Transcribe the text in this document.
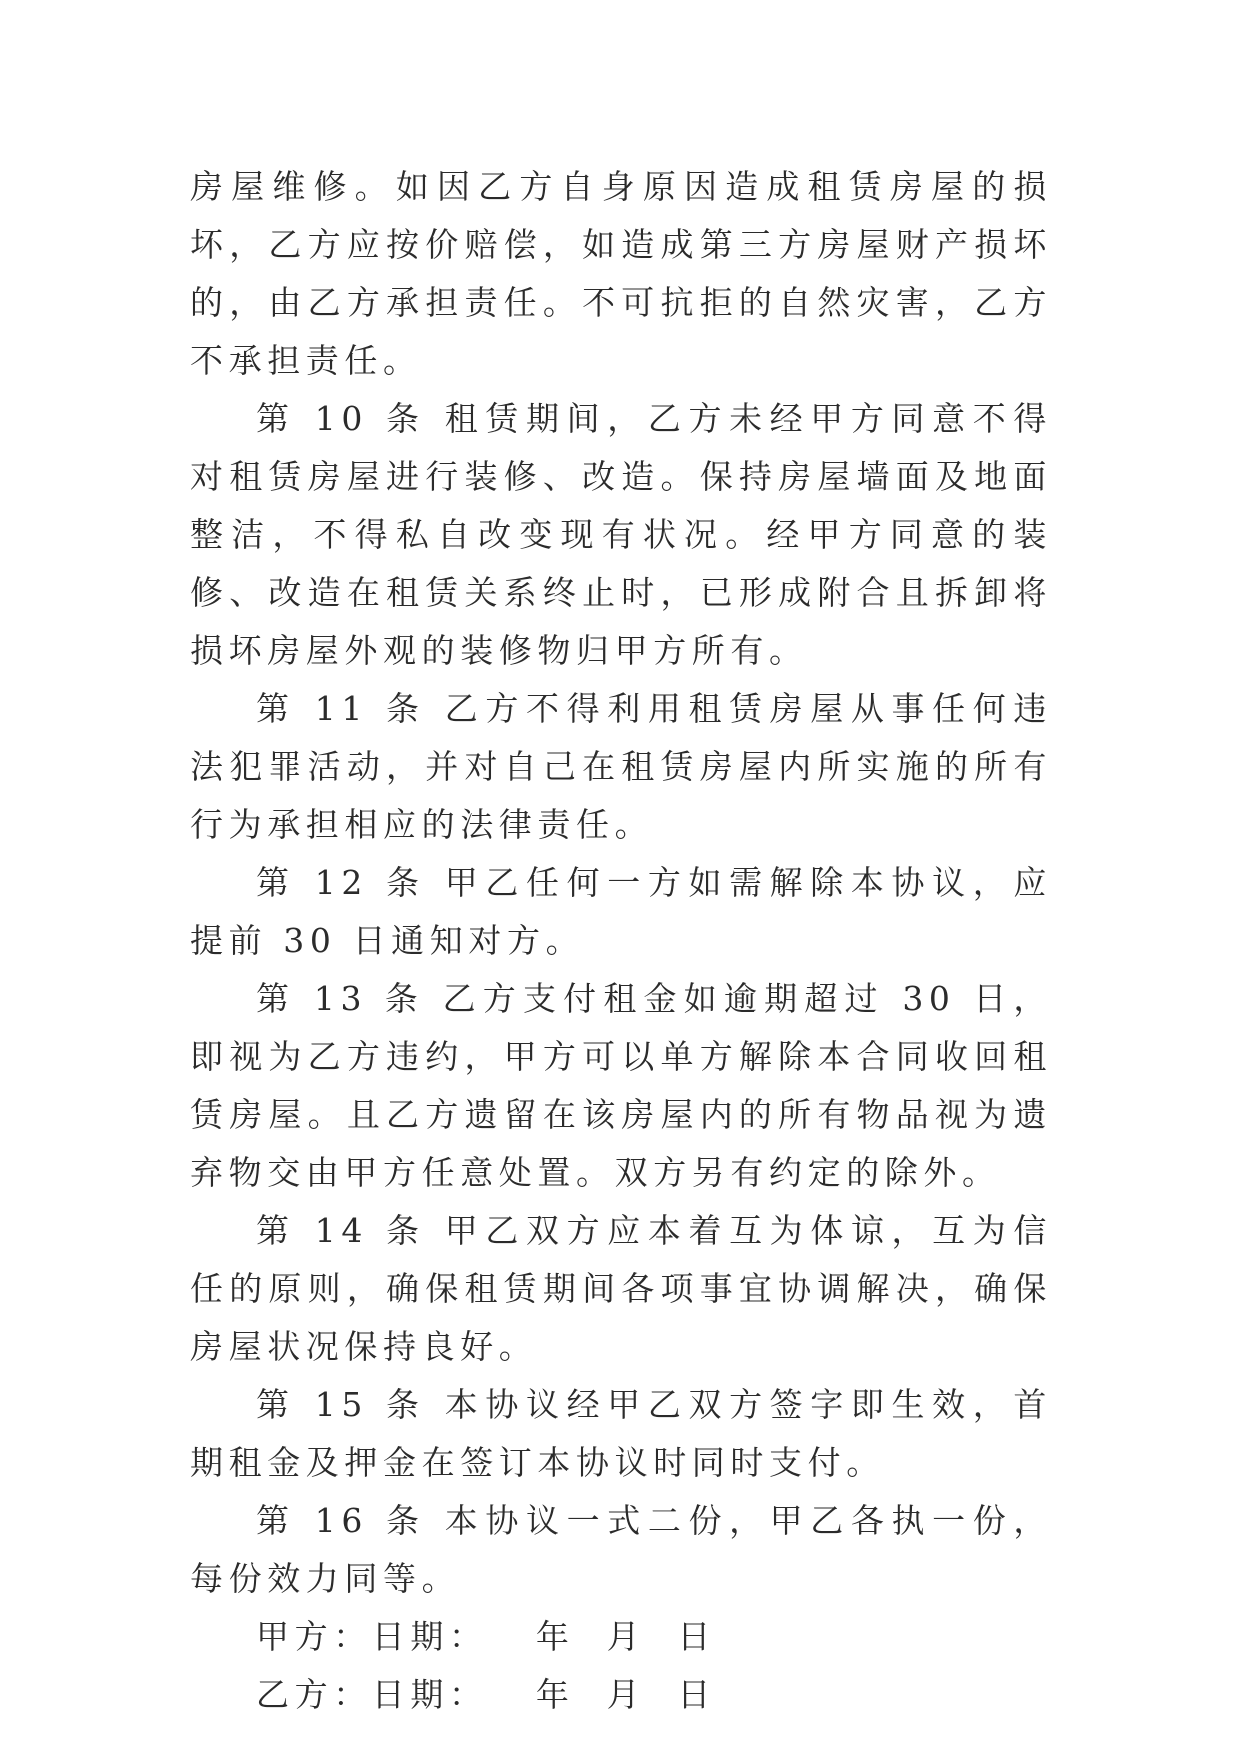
房屋维修。如因乙方自身原因造成租赁房屋的损坏，乙方应按价赔偿，如造成第三方房屋财产损坏的，由乙方承担责任。不可抗拒的自然灾害，乙方不承担责任。

第 10 条 租赁期间，乙方未经甲方同意不得对租赁房屋进行装修、改造。保持房屋墙面及地面整洁，不得私自改变现有状况。经甲方同意的装修、改造在租赁关系终止时，已形成附合且拆卸将损坏房屋外观的装修物归甲方所有。

第 11 条 乙方不得利用租赁房屋从事任何违法犯罪活动，并对自己在租赁房屋内所实施的所有行为承担相应的法律责任。

第 12 条 甲乙任何一方如需解除本协议，应提前 30 日通知对方。

第 13 条 乙方支付租金如逾期超过 30 日，即视为乙方违约，甲方可以单方解除本合同收回租赁房屋。且乙方遗留在该房屋内的所有物品视为遗弃物交由甲方任意处置。双方另有约定的除外。

第 14 条 甲乙双方应本着互为体谅，互为信任的原则，确保租赁期间各项事宜协调解决，确保房屋状况保持良好。

第 15 条 本协议经甲乙双方签字即生效，首期租金及押金在签订本协议时同时支付。

第 16 条 本协议一式二份，甲乙各执一份，每份效力同等。

甲方：日期：   年  月  日

乙方：日期：   年  月  日
